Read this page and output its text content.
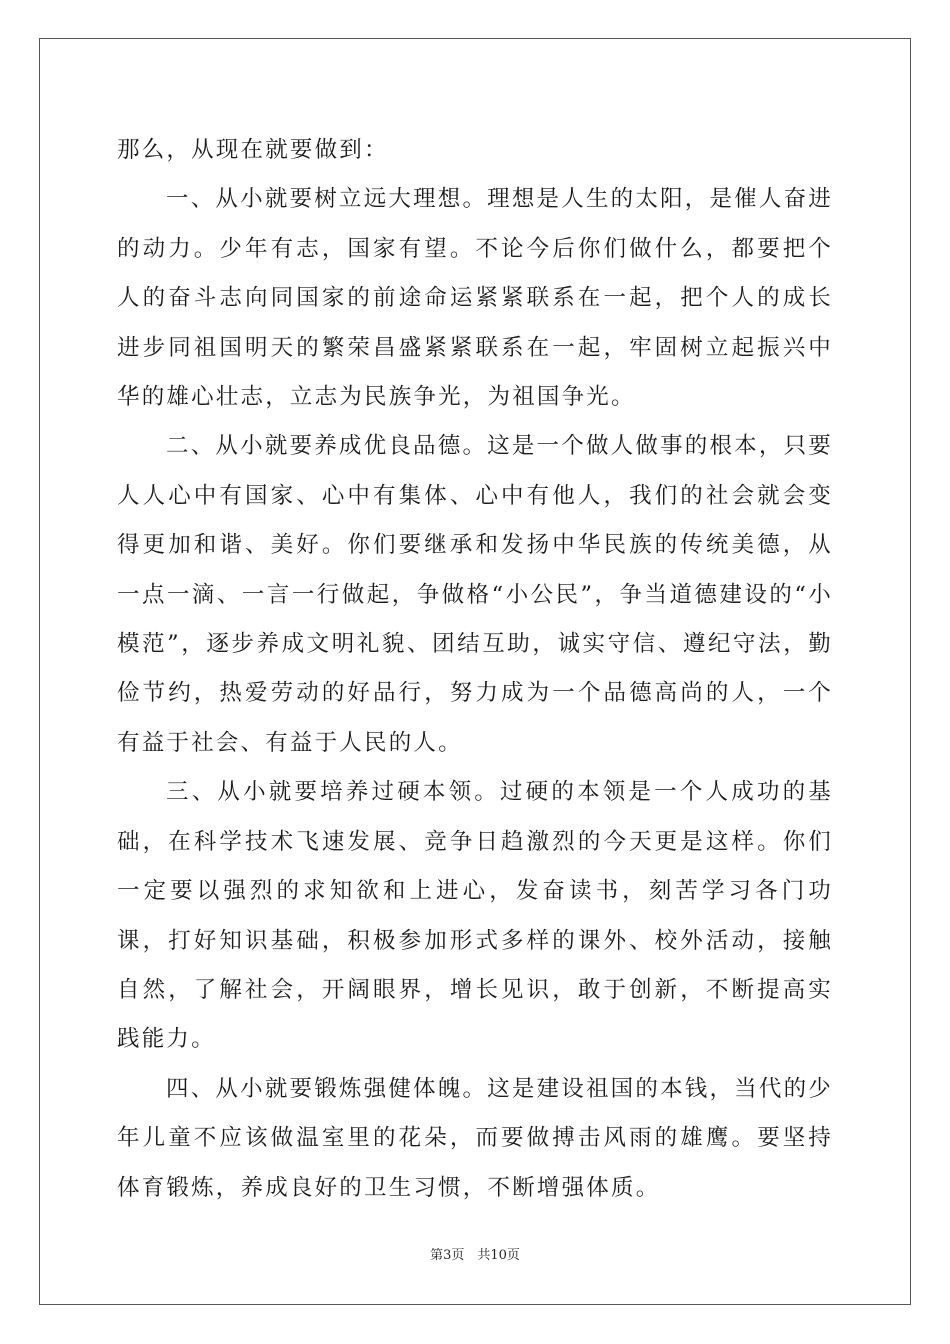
那么，从现在就要做到：

一、从小就要树立远大理想。理想是人生的太阳，是催人奋进的动力。少年有志，国家有望。不论今后你们做什么，都要把个人的奋斗志向同国家的前途命运紧紧联系在一起，把个人的成长进步同祖国明天的繁荣昌盛紧紧联系在一起，牢固树立起振兴中华的雄心壮志，立志为民族争光，为祖国争光。

二、从小就要养成优良品德。这是一个做人做事的根本，只要人人心中有国家、心中有集体、心中有他人，我们的社会就会变得更加和谐、美好。你们要继承和发扬中华民族的传统美德，从一点一滴、一言一行做起，争做格“小公民”，争当道德建设的“小模范”，逐步养成文明礼貌、团结互助，诚实守信、遵纪守法，勤俭节约，热爱劳动的好品行，努力成为一个品德高尚的人，一个有益于社会、有益于人民的人。

三、从小就要培养过硬本领。过硬的本领是一个人成功的基础，在科学技术飞速发展、竞争日趋激烈的今天更是这样。你们一定要以强烈的求知欲和上进心，发奋读书，刻苦学习各门功课，打好知识基础，积极参加形式多样的课外、校外活动，接触自然，了解社会，开阔眼界，增长见识，敢于创新，不断提高实践能力。

四、从小就要锻炼强健体魄。这是建设祖国的本钱，当代的少年儿童不应该做温室里的花朵，而要做搏击风雨的雄鹰。要坚持体育锻炼，养成良好的卫生习惯，不断增强体质。

第3页　共10页
